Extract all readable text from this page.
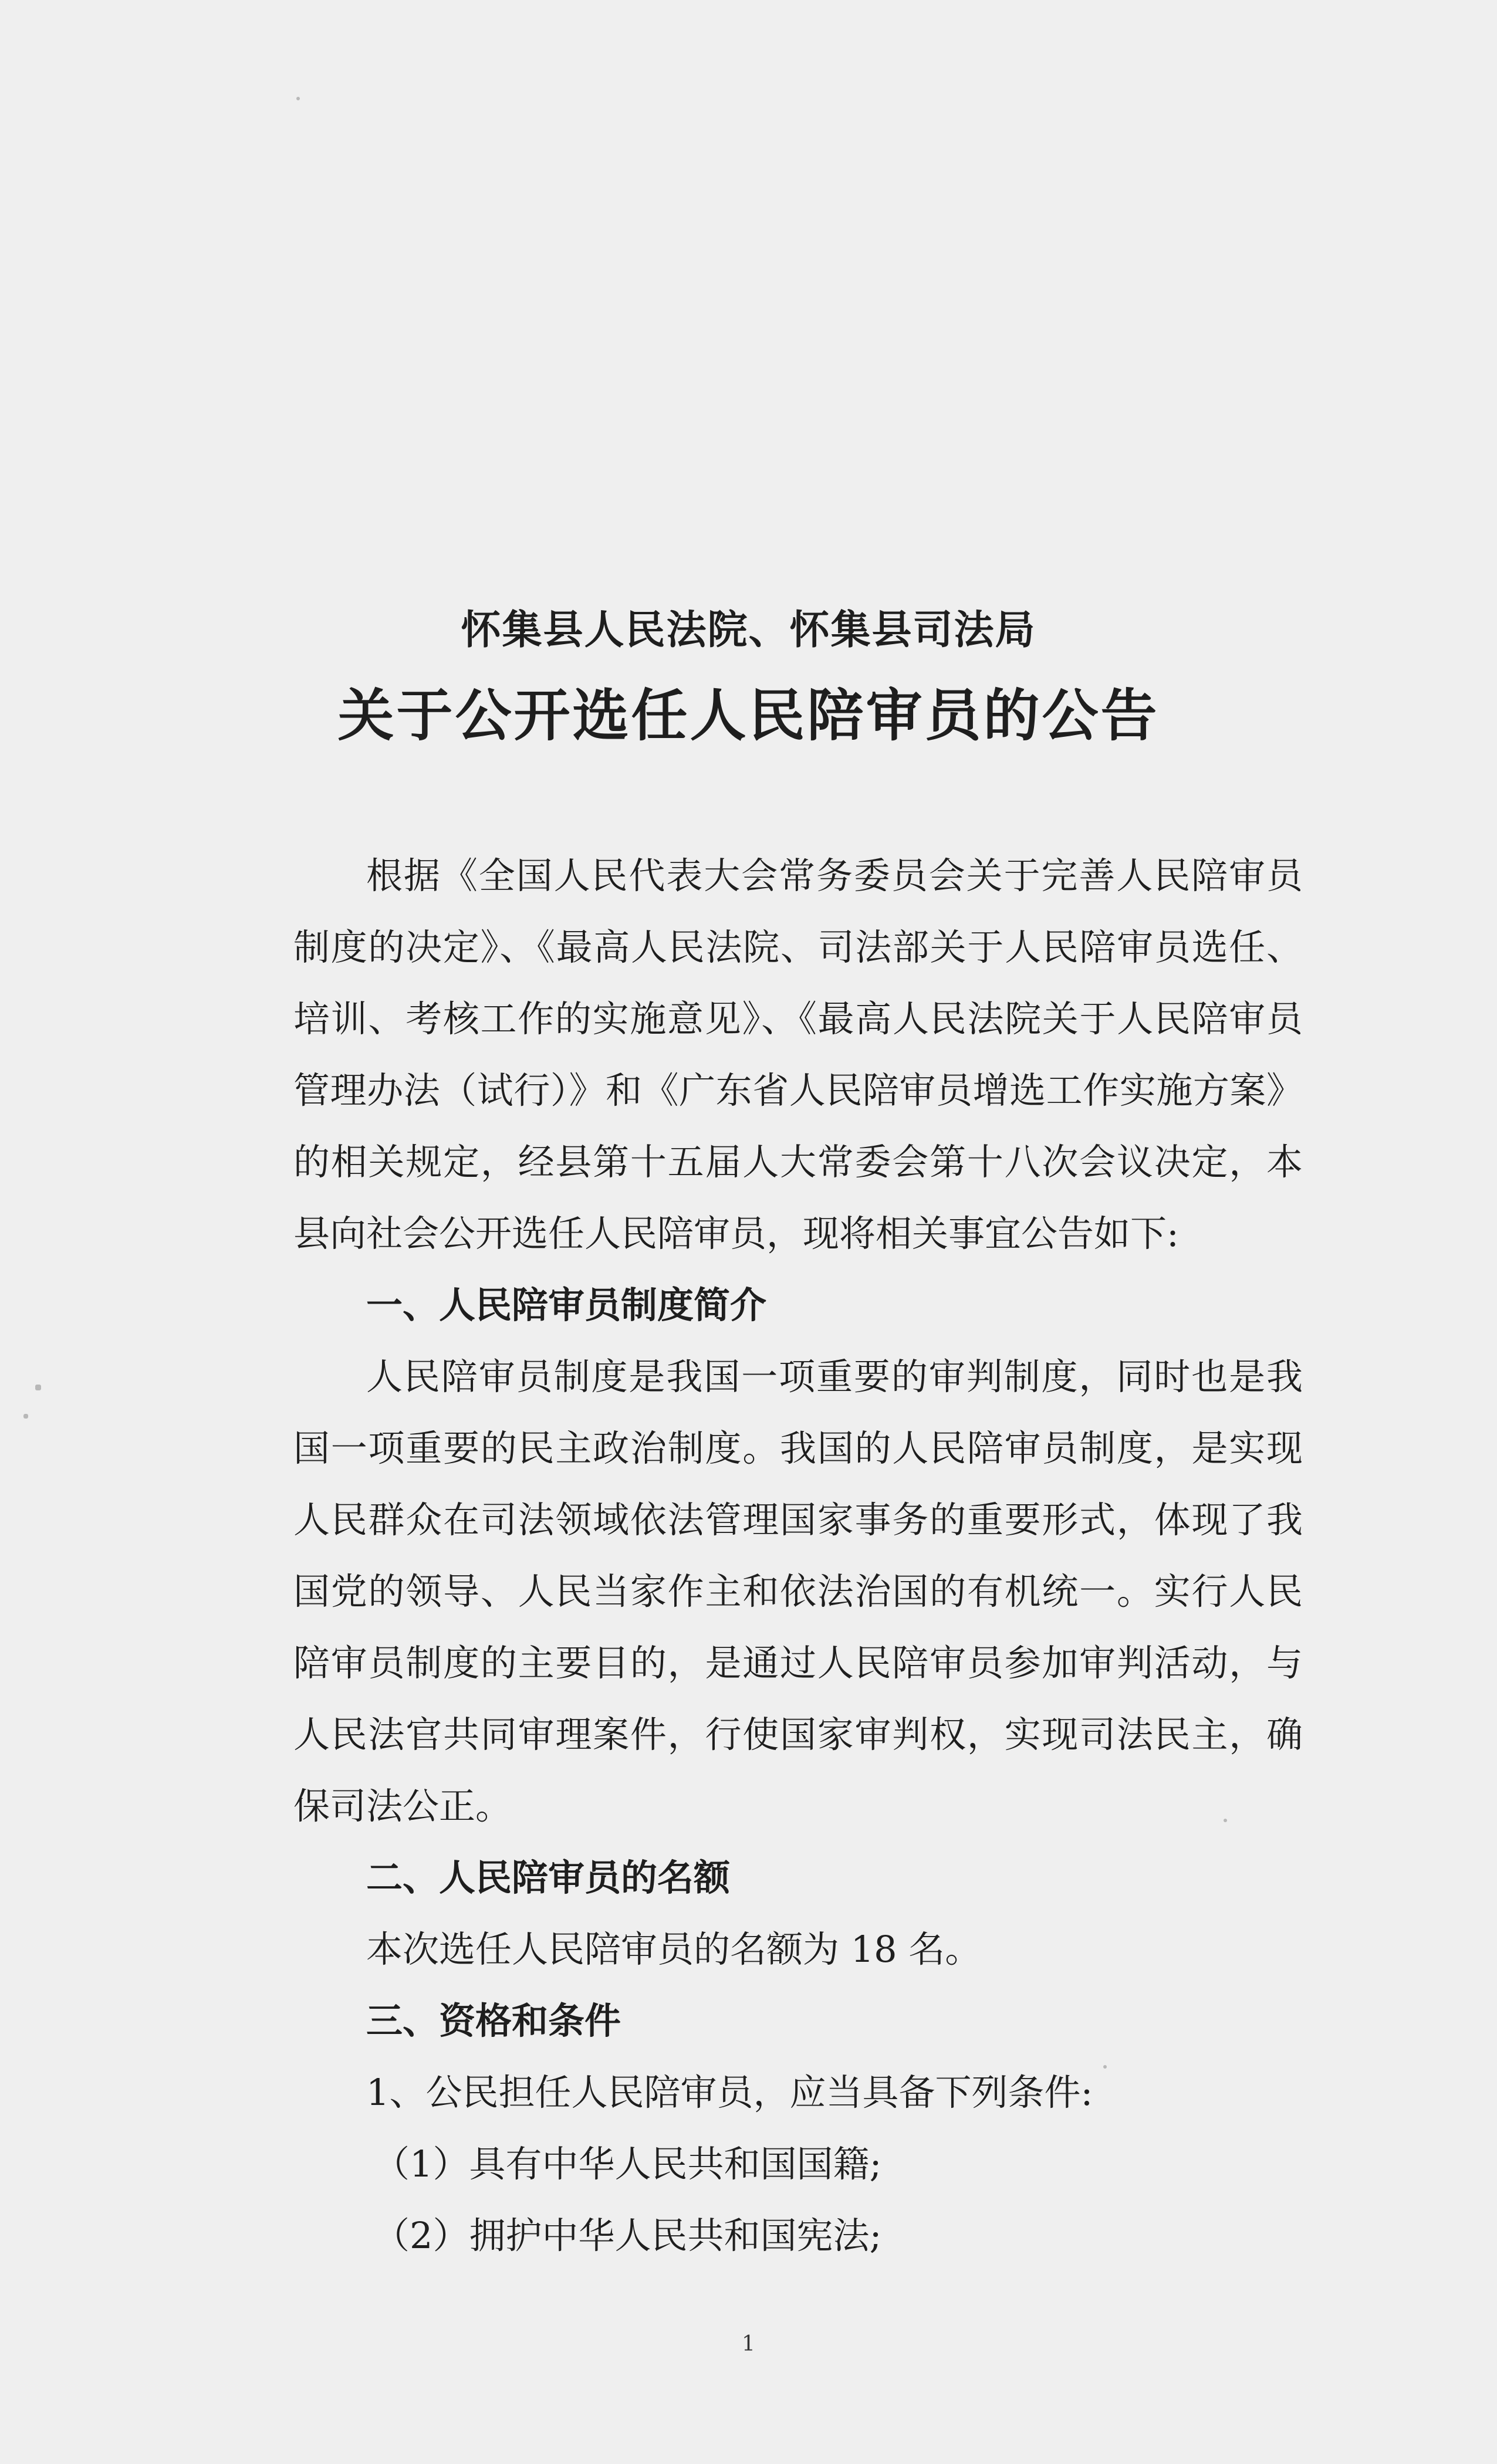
怀集县人民法院、怀集县司法局
关于公开选任人民陪审员的公告

根据《全国人民代表大会常务委员会关于完善人民陪审员制度的决定》、《最高人民法院、司法部关于人民陪审员选任、培训、考核工作的实施意见》、《最高人民法院关于人民陪审员管理办法（试行）》和《广东省人民陪审员增选工作实施方案》的相关规定，经县第十五届人大常委会第十八次会议决定，本县向社会公开选任人民陪审员，现将相关事宜公告如下:

一、人民陪审员制度简介

人民陪审员制度是我国一项重要的审判制度，同时也是我国一项重要的民主政治制度。我国的人民陪审员制度，是实现人民群众在司法领域依法管理国家事务的重要形式，体现了我国党的领导、人民当家作主和依法治国的有机统一。实行人民陪审员制度的主要目的，是通过人民陪审员参加审判活动，与人民法官共同审理案件，行使国家审判权，实现司法民主，确保司法公正。

二、人民陪审员的名额

本次选任人民陪审员的名额为 18 名。

三、资格和条件

1、公民担任人民陪审员，应当具备下列条件:

（1）具有中华人民共和国国籍;

（2）拥护中华人民共和国宪法;

1
